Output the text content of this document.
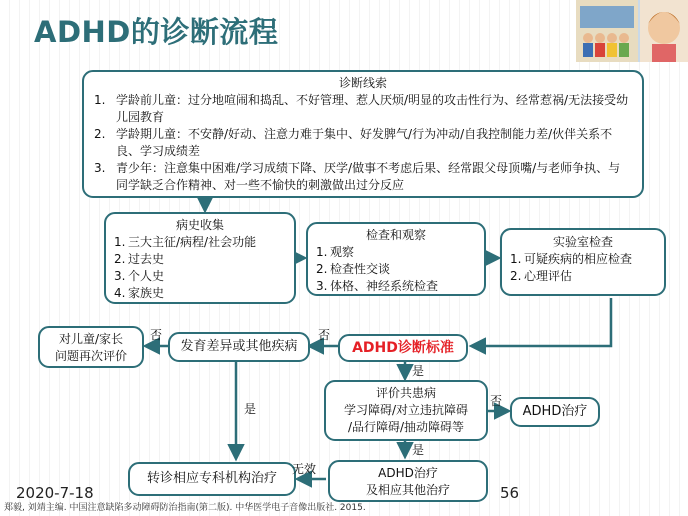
ADHD的诊断流程
诊断线索
1. 学龄前儿童：过分地喧闹和捣乱、不好管理、惹人厌烦/明显的攻击性行为、经常惹祸/无法接受幼儿园教育
2. 学龄期儿童：不安静/好动、注意力难于集中、好发脾气/行为冲动/自我控制能力差/伙伴关系不良、学习成绩差
3. 青少年：注意集中困难/学习成绩下降、厌学/做事不考虑后果、经常跟父母顶嘴/与老师争执、与同学缺乏合作精神、对一些不愉快的刺激做出过分反应
病史收集
1. 三大主征/病程/社会功能
2. 过去史
3. 个人史
4. 家族史
检查和观察
1. 观察
2. 检查性交谈
3. 体格、神经系统检查
实验室检查
1. 可疑疾病的相应检查
2. 心理评估
ADHD诊断标准
发育差异或其他疾病
对儿童/家长
问题再次评价
评价共患病
学习障碍/对立违抗障碍
/品行障碍/抽动障碍等
ADHD治疗
ADHD治疗
及相应其他治疗
转诊相应专科机构治疗
否
否
是
是
否
是
无效
2020-7-18	56
郑毅, 刘靖主编. 中国注意缺陷多动障碍防治指南(第二版). 中华医学电子音像出版社. 2015.
